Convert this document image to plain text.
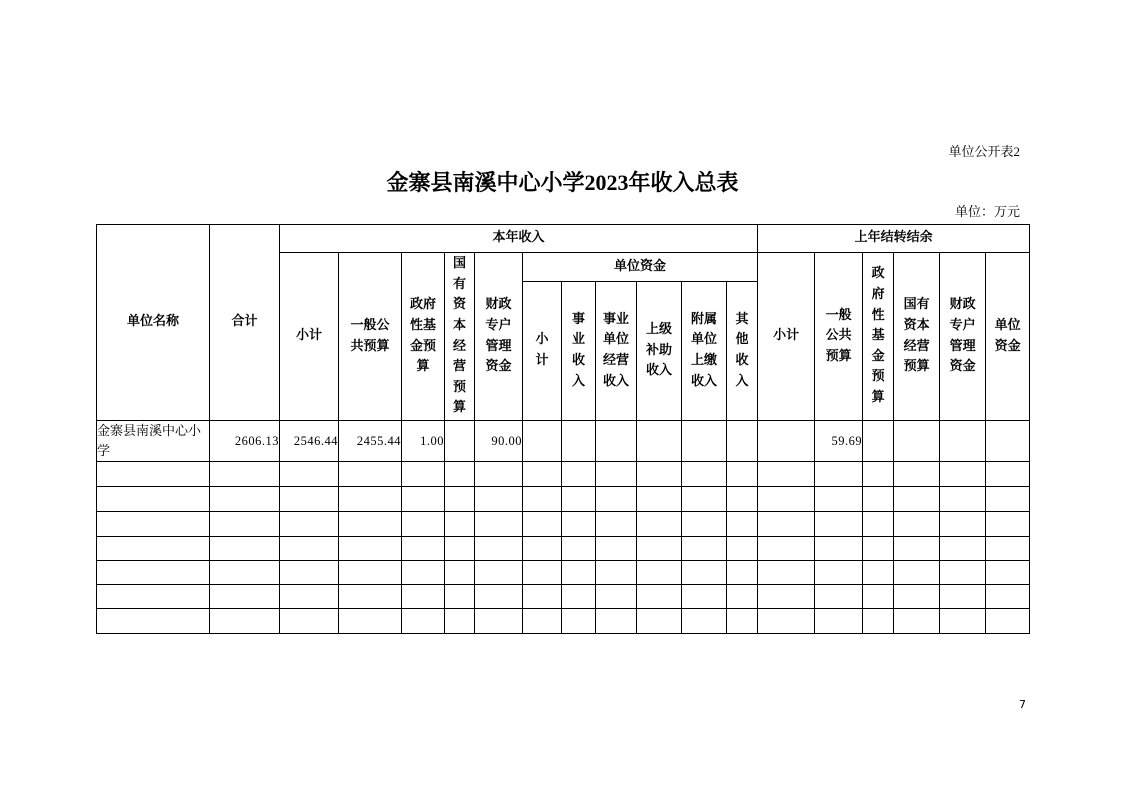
单位公开表2
金寨县南溪中心小学2023年收入总表
单位：万元
单位名称	合计	本年收入											上年结转结余					
		小计	一般公共预算	政府性基金预算	国有资本经营预算	财政专户管理资金	单位资金						小计	一般公共预算	政府性基金预算	国有资本经营预算	财政专户管理资金	单位资金

							小计	事业收入	事业单位经营收入	上级补助收入	附属单位上缴收入	其他收入						

金寨县南溪中心小学	2606.13	2546.44	2455.44	1.00		90.00								59.69				

7
